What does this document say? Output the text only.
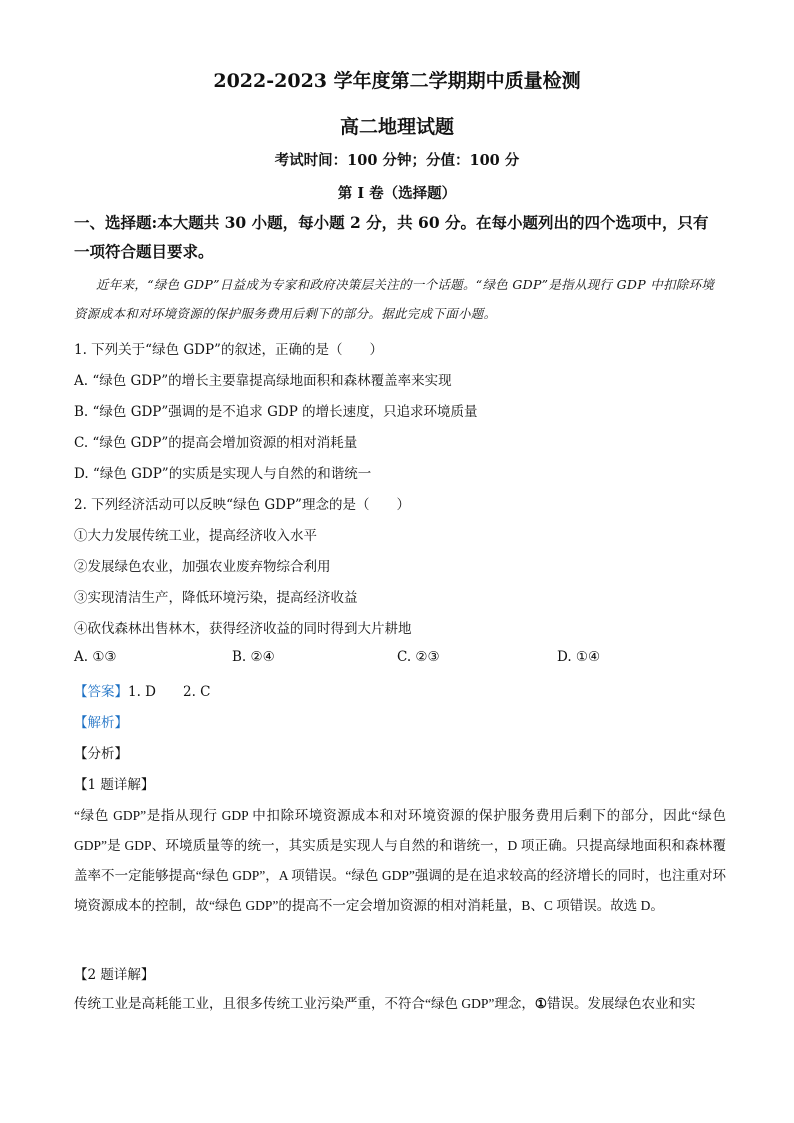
2022-2023 学年度第二学期期中质量检测
高二地理试题
考试时间：100 分钟；分值：100 分
第 I 卷（选择题）
一、选择题:本大题共 30 小题，每小题 2 分，共 60 分。在每小题列出的四个选项中，只有一项符合题目要求。
近年来，“绿色 GDP”日益成为专家和政府决策层关注的一个话题。“绿色 GDP”是指从现行 GDP 中扣除环境资源成本和对环境资源的保护服务费用后剩下的部分。据此完成下面小题。
1. 下列关于“绿色 GDP”的叙述，正确的是（　　）
A. “绿色 GDP”的增长主要靠提高绿地面积和森林覆盖率来实现
B. “绿色 GDP”强调的是不追求 GDP 的增长速度，只追求环境质量
C. “绿色 GDP”的提高会增加资源的相对消耗量
D. “绿色 GDP”的实质是实现人与自然的和谐统一
2. 下列经济活动可以反映“绿色 GDP”理念的是（　　）
①大力发展传统工业，提高经济收入水平
②发展绿色农业，加强农业废弃物综合利用
③实现清洁生产，降低环境污染，提高经济收益
④砍伐森林出售林木，获得经济收益的同时得到大片耕地
A. ①③	B. ②④	C. ②③	D. ①④
【答案】1. D　　2. C
【解析】
【分析】
【1 题详解】
“绿色 GDP”是指从现行 GDP 中扣除环境资源成本和对环境资源的保护服务费用后剩下的部分，因此“绿色 GDP”是 GDP、环境质量等的统一，其实质是实现人与自然的和谐统一，D 项正确。只提高绿地面积和森林覆盖率不一定能够提高“绿色 GDP”，A 项错误。“绿色 GDP”强调的是在追求较高的经济增长的同时，也注重对环境资源成本的控制，故“绿色 GDP”的提高不一定会增加资源的相对消耗量，B、C 项错误。故选 D。
【2 题详解】
传统工业是高耗能工业，且很多传统工业污染严重，不符合“绿色 GDP”理念，①错误。发展绿色农业和实
